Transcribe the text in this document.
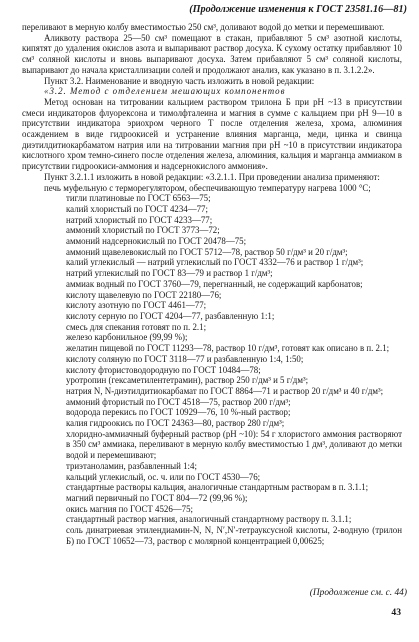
(Продолжение изменения к ГОСТ 23581.16—81)

переливают в мерную колбу вместимостью 250 см³, доливают водой до метки и перемешивают.

Аликвоту раствора 25—50 см³ помещают в стакан, прибавляют 5 см³ азотной кислоты, кипятят до удаления окислов азота и выпаривают раствор досуха. К сухому остатку прибавляют 10 см³ соляной кислоты и вновь выпаривают досуха. Затем прибавляют 5 см³ соляной кислоты, выпаривают до начала кристаллизации солей и продолжают анализ, как указано в п. 3.1.2.2».

Пункт 3.2. Наименование и вводную часть изложить в новой редакции:

«3.2. Метод с отделением мешающих компонентов

Метод основан на титровании кальцием раствором трилона Б при pH ~13 в присутствии смеси индикаторов флуорексона и тимолфталеина и магния в сумме с кальцием при pH 9—10 в присутствии индикатора эриохром черного Т после отделения железа, хрома, алюминия осаждением в виде гидроокисей и устранение влияния марганца, меди, цинка и свинца диэтилдитиокарбаматом натрия или на титровании магния при pH ~10 в присутствии индикатора кислотного хром темно-синего после отделения железа, алюминия, кальция и марганца аммиаком в присутствии гидроокиси-аммония и надсернокислого аммония».

Пункт 3.2.1.1 изложить в новой редакции: «3.2.1.1. При проведении анализа применяют:

печь муфельную с терморегулятором, обеспечивающую температуру нагрева 1000 °С;

тигли платиновые по ГОСТ 6563—75;

калий хлористый по ГОСТ 4234—77;

натрий хлористый по ГОСТ 4233—77;

аммоний хлористый по ГОСТ 3773—72;

аммоний надсернокислый по ГОСТ 20478—75;

аммоний щавелевокислый по ГОСТ 5712—78, раствор 50 г/дм³ и 20 г/дм³;

калий углекислый — натрий углекислый по ГОСТ 4332—76 и раствор 1 г/дм³;

натрий углекислый по ГОСТ 83—79 и раствор 1 г/дм³;

аммиак водный по ГОСТ 3760—79, перегнанный, не содержащий карбонатов;

кислоту щавелевую по ГОСТ 22180—76;

кислоту азотную по ГОСТ 4461—77;

кислоту серную по ГОСТ 4204—77, разбавленную 1:1;

смесь для спекания готовят по п. 2.1;

железо карбонильное (99,99 %);

желатин пищевой по ГОСТ 11293—78, раствор 10 г/дм³, готовят как описано в п. 2.1;

кислоту соляную по ГОСТ 3118—77 и разбавленную 1:4, 1:50;

кислоту фтористоводородную по ГОСТ 10484—78;

уротропин (гексаметилентетрамин), раствор 250 г/дм³ и 5 г/дм³;

натрия N, N-диэтилдитиокарбамат по ГОСТ 8864—71 и раствор 20 г/дм³ и 40 г/дм³;

аммоний фтористый по ГОСТ 4518—75, раствор 200 г/дм³;

водорода перекись по ГОСТ 10929—76, 10 %-ный раствор;

калия гидроокись по ГОСТ 24363—80, раствор 280 г/дм³;

хлоридно-аммиачный буферный раствор (pH ~10): 54 г хлористого аммония растворяют в 350 см³ аммиака, переливают в мерную колбу вместимостью 1 дм³, доливают до метки водой и перемешивают;

триэтаноламин, разбавленный 1:4;

кальций углекислый, ос. ч. или по ГОСТ 4530—76;

стандартные растворы кальция, аналогичные стандартным растворам в п. 3.1.1;

магний первичный по ГОСТ 804—72 (99,96 %);

окись магния по ГОСТ 4526—75;

стандартный раствор магния, аналогичный стандартному раствору п. 3.1.1;

соль динатриевая этилендиамин-N, N, N′,N′-тетрауксусной кислоты, 2-водную (трилон Б) по ГОСТ 10652—73, раствор с молярной концентрацией 0,00625;

(Продолжение см. с. 44)
43
